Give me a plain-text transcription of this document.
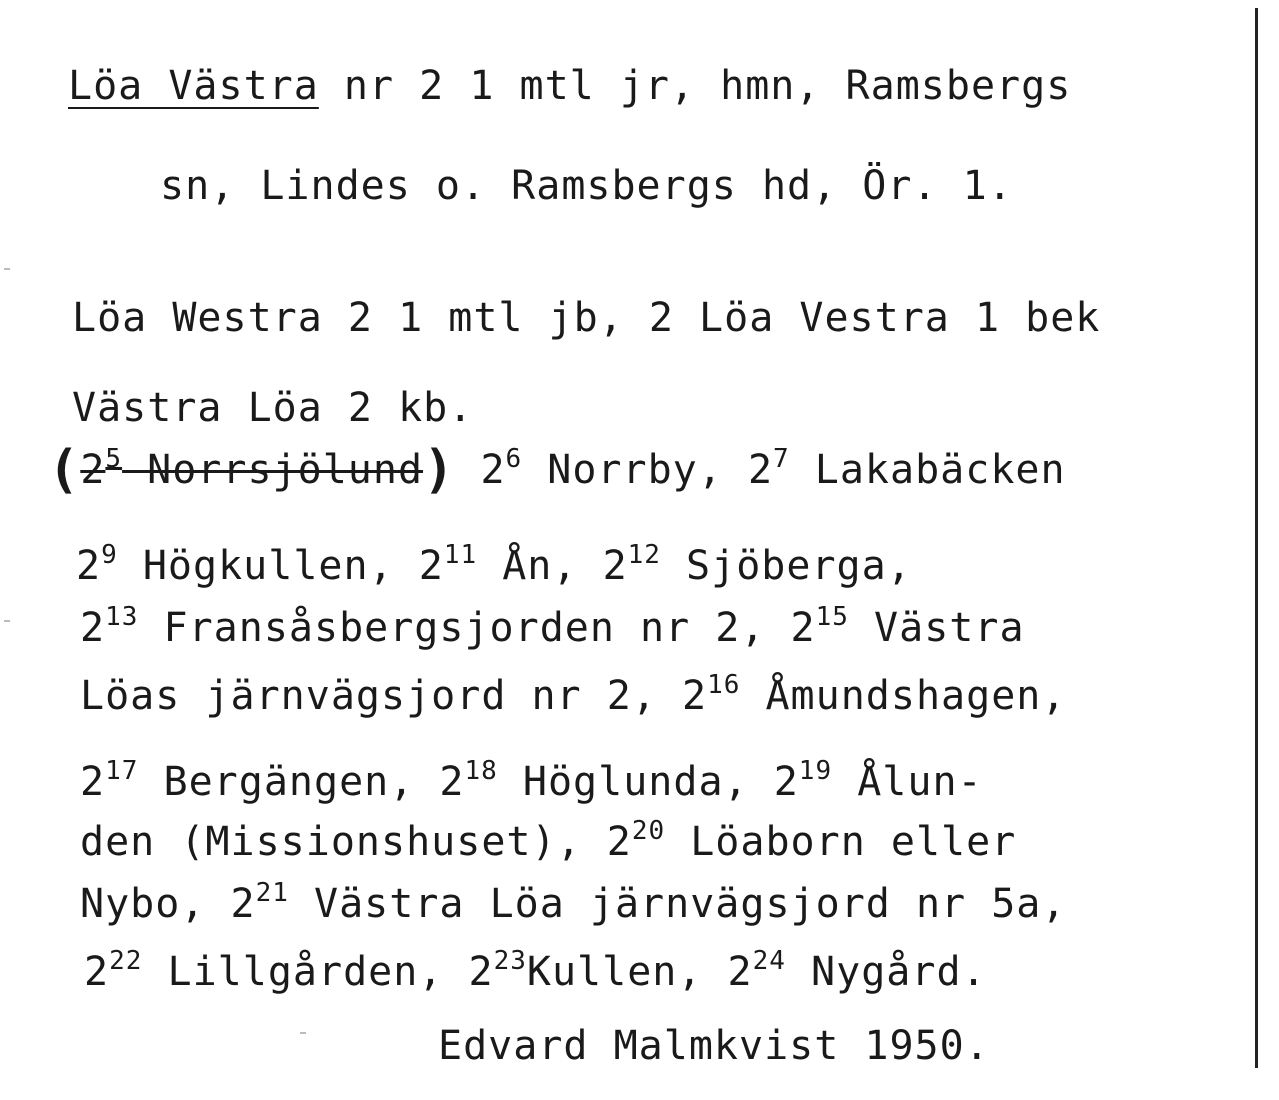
Löa Västra nr 2 1 mtl jr, hmn, Ramsbergs
sn, Lindes o. Ramsbergs hd, Ör. 1.
Löa Westra 2 1 mtl jb, 2 Löa Vestra 1 bek
Västra Löa 2 kb.
($2^5$ Norrsjölund) $2^6$ Norrby, $2^7$ Lakabäcken
$2^9$ Högkullen, $2^{11}$ Ån, $2^{12}$ Sjöberga,
$2^{13}$ Fransåsbergsjorden nr 2, $2^{15}$ Västra
Löas järnvägsjord nr 2, $2^{16}$ Åmundshagen,
$2^{17}$ Bergängen, $2^{18}$ Höglunda, $2^{19}$ Ålun-
den (Missionshuset), $2^{20}$ Löaborn eller
Nybo, $2^{21}$ Västra Löa järnvägsjord nr 5a,
$2^{22}$ Lillgården, $2^{23}Kullen$, $2^{24}$ Nygård.
Edvard Malmkvist 1950.
